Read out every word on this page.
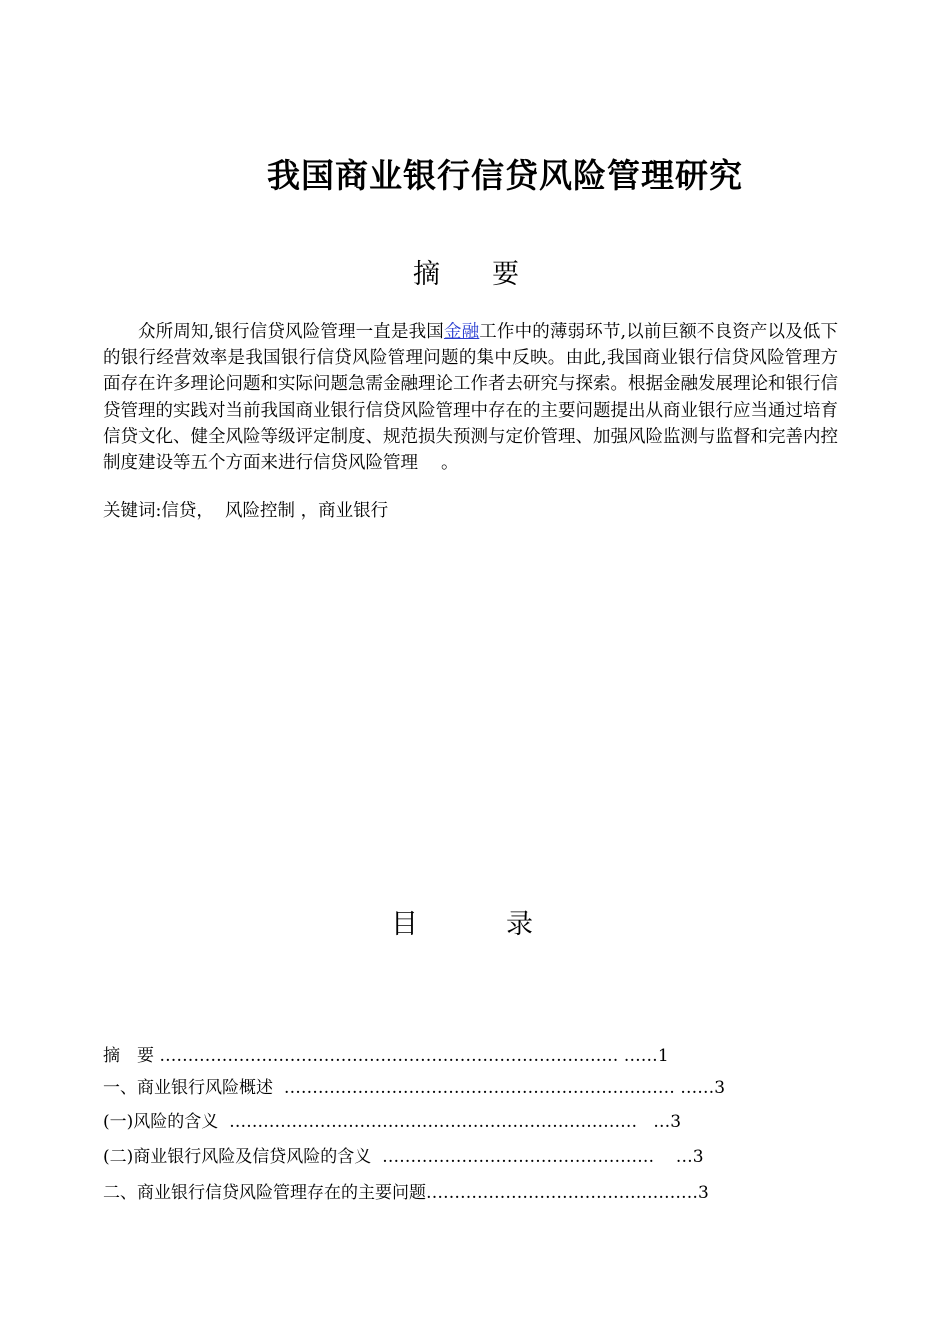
我国商业银行信贷风险管理研究
摘要
众所周知,银行信贷风险管理一直是我国金融工作中的薄弱环节,以前巨额不良资产以及低下的银行经营效率是我国银行信贷风险管理问题的集中反映。由此,我国商业银行信贷风险管理方面存在许多理论问题和实际问题急需金融理论工作者去研究与探索。根据金融发展理论和银行信贷管理的实践对当前我国商业银行信贷风险管理中存在的主要问题提出从商业银行应当通过培育信贷文化、健全风险等级评定制度、规范损失预测与定价管理、加强风险监测与监督和完善内控制度建设等五个方面来进行信贷风险管理　 。
关键词:信贷，  风险控制 ，商业银行
目录
摘　要 ……………………………………………………………………… ……1
一、商业银行风险概述  …………………………………………………………… ……3
(一)风险的含义  ………………………………………………………………   …3
(二)商业银行风险及信贷风险的含义  …………………………………………    …3
二、商业银行信贷风险管理存在的主要问题…………………………………………3
